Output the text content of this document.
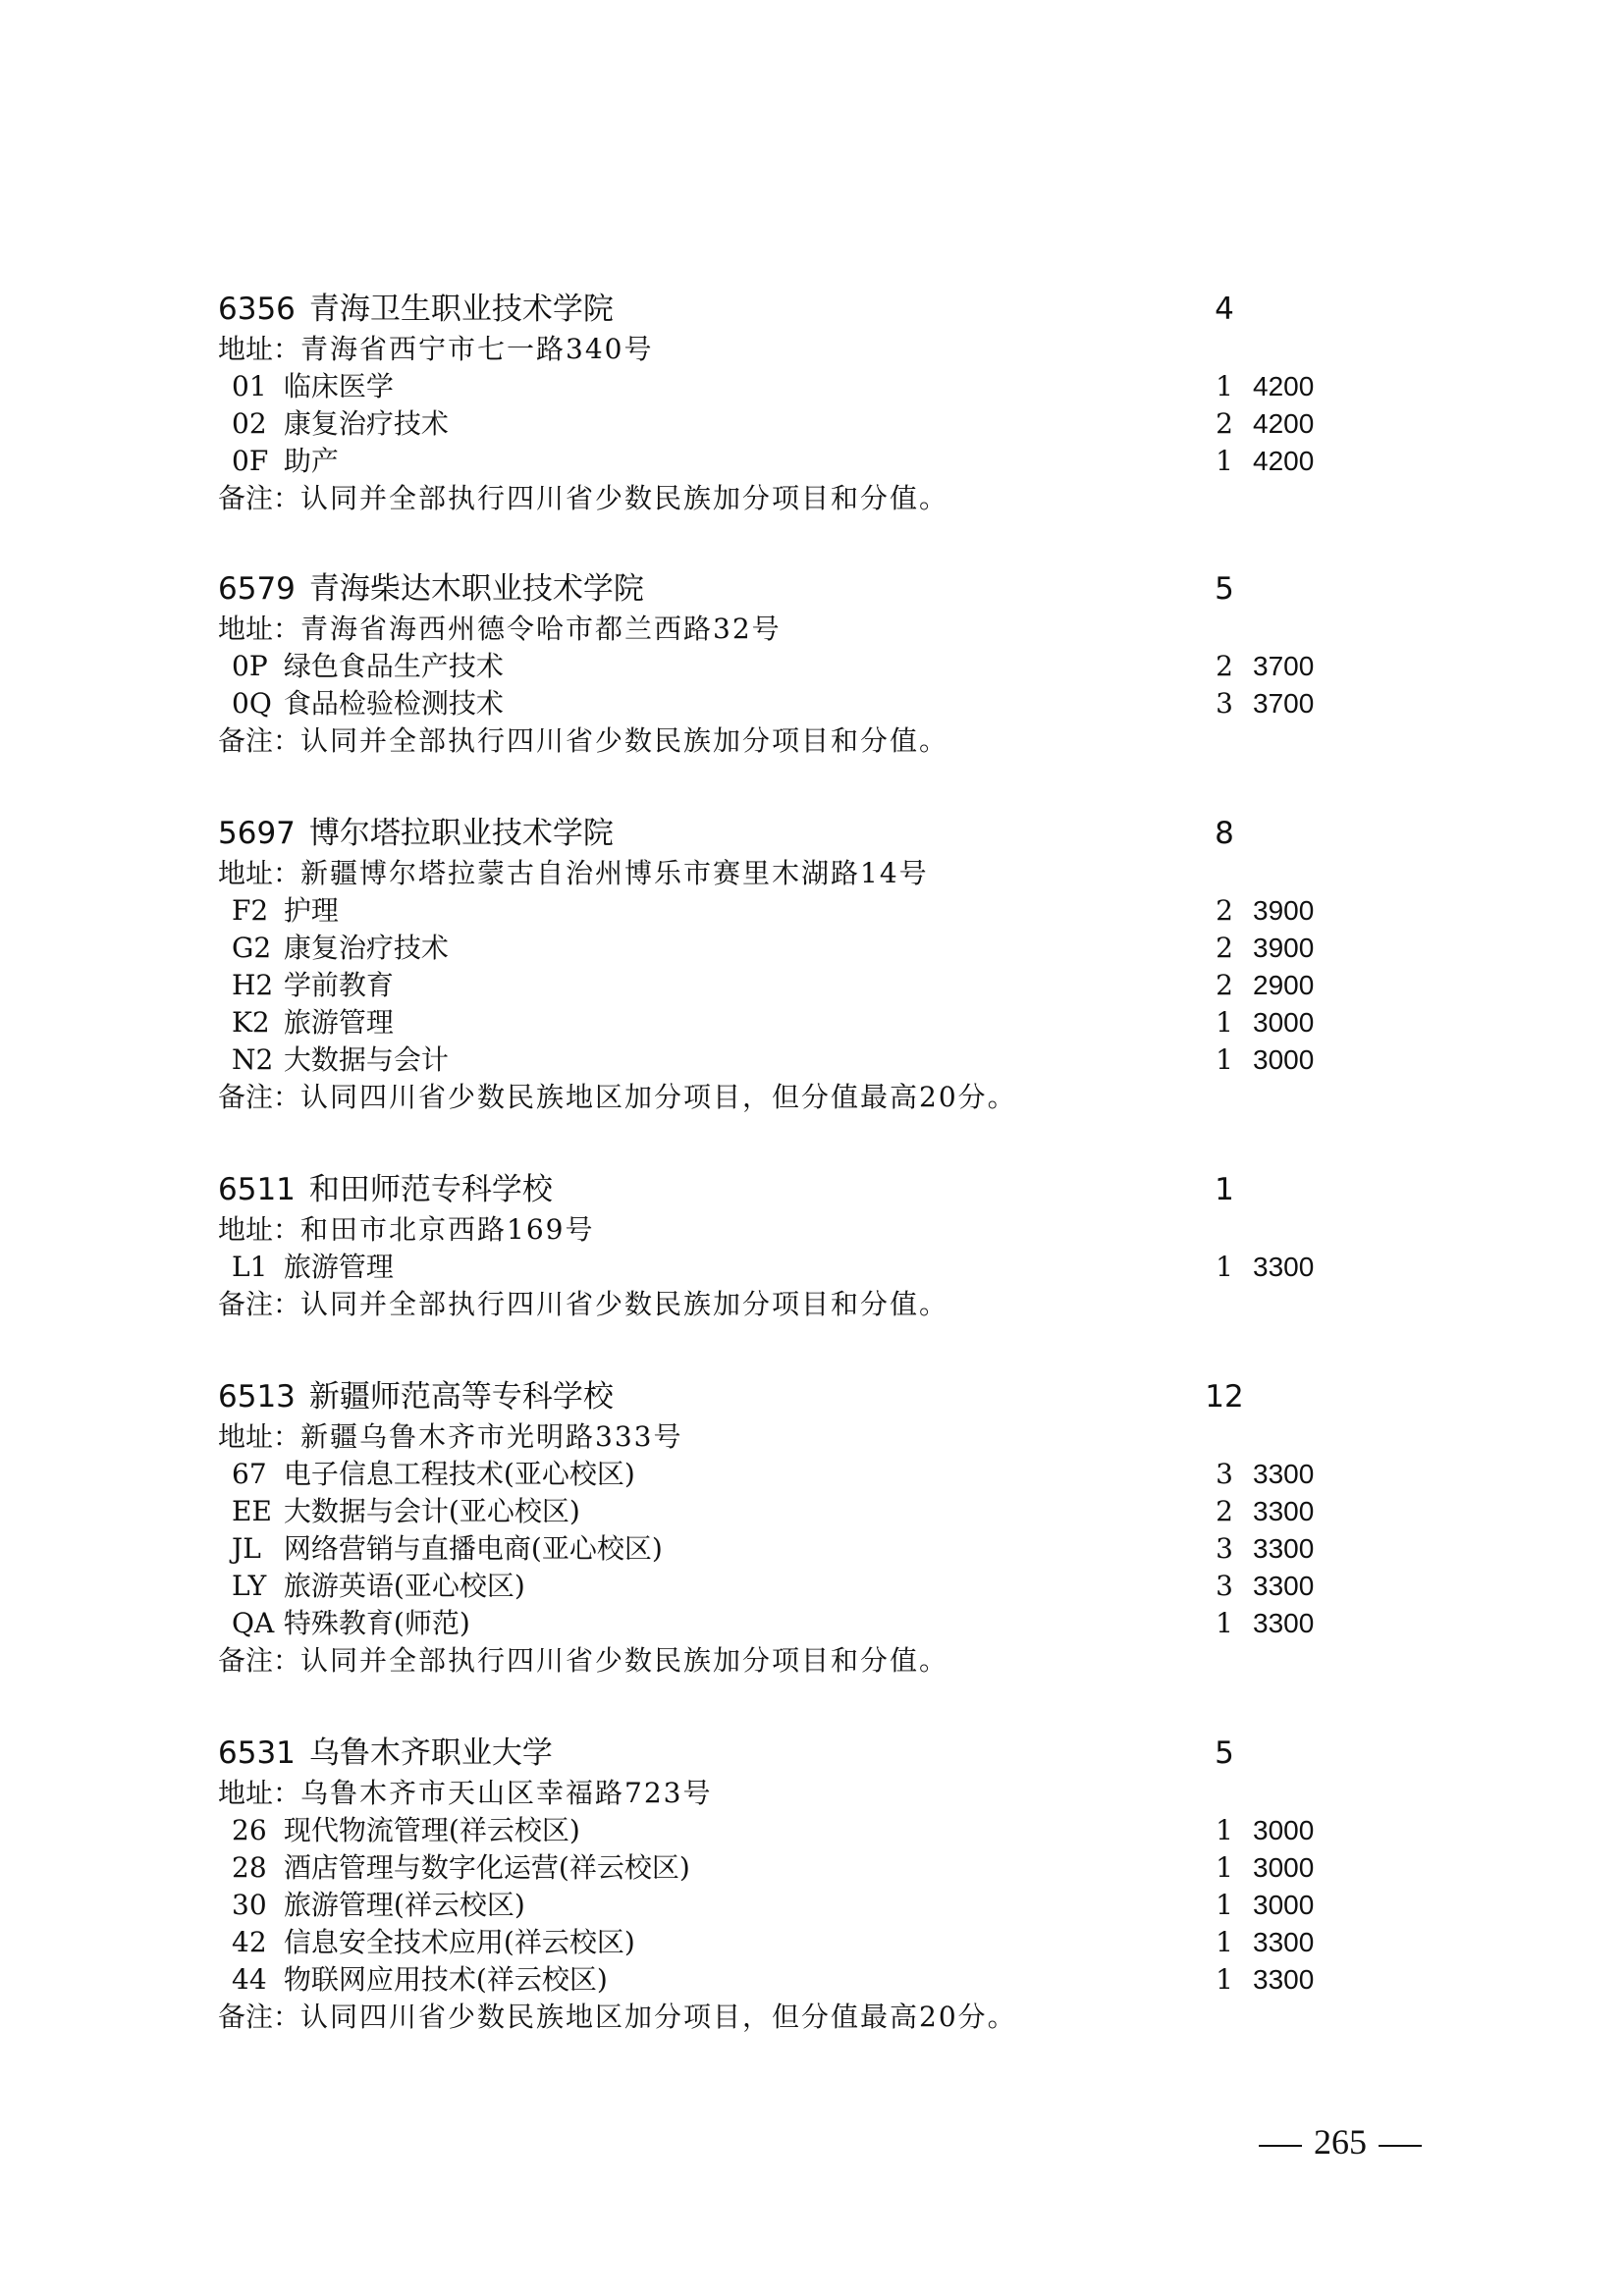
6356 青海卫生职业技术学院	4
地址：青海省西宁市七一路340号
01 临床医学	1 4200
02 康复治疗技术	2 4200
0F 助产	1 4200
备注：认同并全部执行四川省少数民族加分项目和分值。
6579 青海柴达木职业技术学院	5
地址：青海省海西州德令哈市都兰西路32号
0P 绿色食品生产技术	2 3700
0Q 食品检验检测技术	3 3700
备注：认同并全部执行四川省少数民族加分项目和分值。
5697 博尔塔拉职业技术学院	8
地址：新疆博尔塔拉蒙古自治州博乐市赛里木湖路14号
F2 护理	2 3900
G2 康复治疗技术	2 3900
H2 学前教育	2 2900
K2 旅游管理	1 3000
N2 大数据与会计	1 3000
备注：认同四川省少数民族地区加分项目，但分值最高20分。
6511 和田师范专科学校	1
地址：和田市北京西路169号
L1 旅游管理	1 3300
备注：认同并全部执行四川省少数民族加分项目和分值。
6513 新疆师范高等专科学校	12
地址：新疆乌鲁木齐市光明路333号
67 电子信息工程技术(亚心校区)	3 3300
EE 大数据与会计(亚心校区)	2 3300
JL 网络营销与直播电商(亚心校区)	3 3300
LY 旅游英语(亚心校区)	3 3300
QA 特殊教育(师范)	1 3300
备注：认同并全部执行四川省少数民族加分项目和分值。
6531 乌鲁木齐职业大学	5
地址：乌鲁木齐市天山区幸福路723号
26 现代物流管理(祥云校区)	1 3000
28 酒店管理与数字化运营(祥云校区)	1 3000
30 旅游管理(祥云校区)	1 3000
42 信息安全技术应用(祥云校区)	1 3300
44 物联网应用技术(祥云校区)	1 3300
备注：认同四川省少数民族地区加分项目，但分值最高20分。
265
